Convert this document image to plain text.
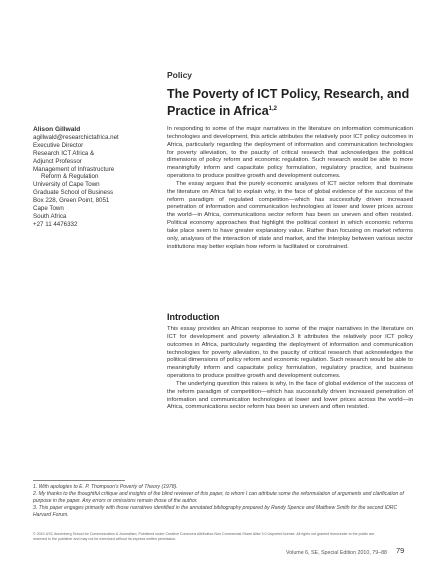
Policy
The Poverty of ICT Policy, Research, and Practice in Africa$^{1,2}$
Alison Gillwald
agillwald@researchictafrica.net
Executive Director
Research ICT Africa &
Adjunct Professor
Management of Infrastructure
Reform & Regulation
University of Cape Town
Graduate School of Business
Box 228, Green Point, 8051
Cape Town
South Africa
+27 11 4476332

In responding to some of the major narratives in the literature on information communication technologies and development, this article attributes the relatively poor ICT policy outcomes in Africa, particularly regarding the deployment of information and communication technologies for poverty alleviation, to the paucity of critical research that acknowledges the political dimensions of policy reform and economic regulation. Such research would be able to more meaningfully inform and capacitate policy formulation, regulatory practice, and business operations to produce positive growth and development outcomes.

The essay argues that the purely economic analyses of ICT sector reform that dominate the literature on Africa fail to explain why, in the face of global evidence of the success of the reform paradigm of regulated competition—which has successfully driven increased penetration of information and communication technologies at lower and lower prices across the world—in Africa, communications sector reform has been so uneven and often resisted. Political economy approaches that highlight the political context in which economic reforms take place seem to have greater explanatory value. Rather than focusing on market reforms only, analyses of the interaction of state and market, and the interplay between various sector institutions may better explain how reform is facilitated or constrained.

Introduction

This essay provides an African response to some of the major narratives in the literature on ICT for development and poverty alleviation.3 It attributes the relatively poor ICT policy outcomes in Africa, particularly regarding the deployment of information and communication technologies for poverty alleviation, to the paucity of critical research that acknowledges the political dimensions of policy reform and economic regulation. Such research would be able to meaningfully inform and capacitate policy formulation, regulatory practice, and business operations to produce positive growth and development outcomes.

The underlying question this raises is why, in the face of global evidence of the success of the reform paradigm of competition—which has successfully driven increased penetration of information and communication technologies at lower and lower prices across the world—in Africa, communications sector reform has been so uneven and often resisted.

1. With apologies to E. P. Thompson's Poverty of Theory (1978).

2. My thanks to the thoughtful critique and insights of the blind reviewer of this paper, to whom I can attribute some the reformulation of arguments and clarification of purpose in the paper. Any errors or omissions remain those of the author.

3. This paper engages primarily with those narratives identified in the annotated bibliography prepared by Randy Spence and Matthew Smith for the second IDRC Harvard Forum.

© 2010 USC Annenberg School for Communication & Journalism. Published under Creative Commons Attribution-Non Commercial-Share Alike 3.0 Unported license. All rights not granted thereunder to the public are reserved to the publisher and may not be exercised without its express written permission.
Volume 6, SE, Special Edition 2010, 79–88 79
